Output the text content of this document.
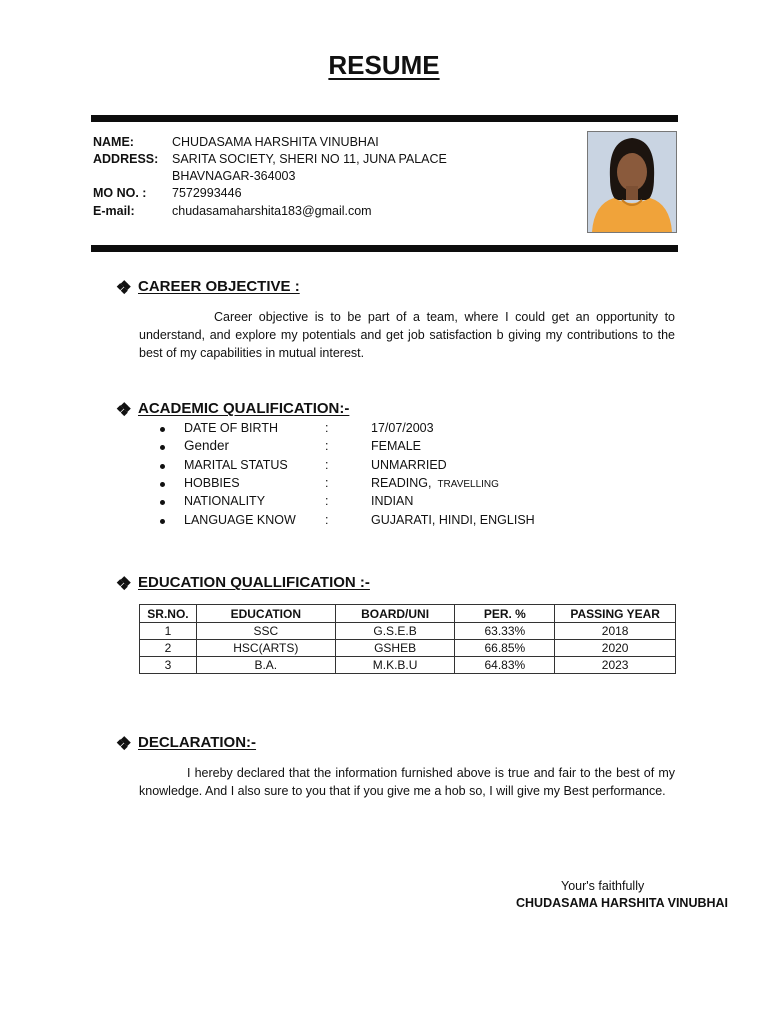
RESUME
NAME:	CHUDASAMA HARSHITA VINUBHAI
ADDRESS: SARITA SOCIETY, SHERI NO 11, JUNA PALACE
BHAVNAGAR-364003
MO NO. : 7572993446
E-mail:	chudasamaharshita183@gmail.com
CAREER OBJECTIVE :
Career objective is to be part of a team, where I could get an opportunity to understand, and explore my potentials and get job satisfaction b giving my contributions to the best of my capabilities in mutual interest.
ACADEMIC QUALIFICATION:-
DATE OF BIRTH	:	17/07/2003
Gender	:	FEMALE
MARITAL STATUS	:	UNMARRIED
HOBBIES	:	READING, TRAVELLING
NATIONALITY	:	INDIAN
LANGUAGE KNOW :	GUJARATI, HINDI, ENGLISH
EDUCATION QUALLIFICATION :-
SR.NO.	EDUCATION	BOARD/UNI	PER. %	PASSING YEAR
1	SSC	G.S.E.B	63.33%	2018
2	HSC(ARTS)	GSHEB	66.85%	2020
3	B.A.	M.K.B.U	64.83%	2023
DECLARATION:-
I hereby declared that the information furnished above is true and fair to the best of my knowledge. And I also sure to you that if you give me a hob so, I will give my Best performance.
Your's faithfully
CHUDASAMA HARSHITA VINUBHAI
